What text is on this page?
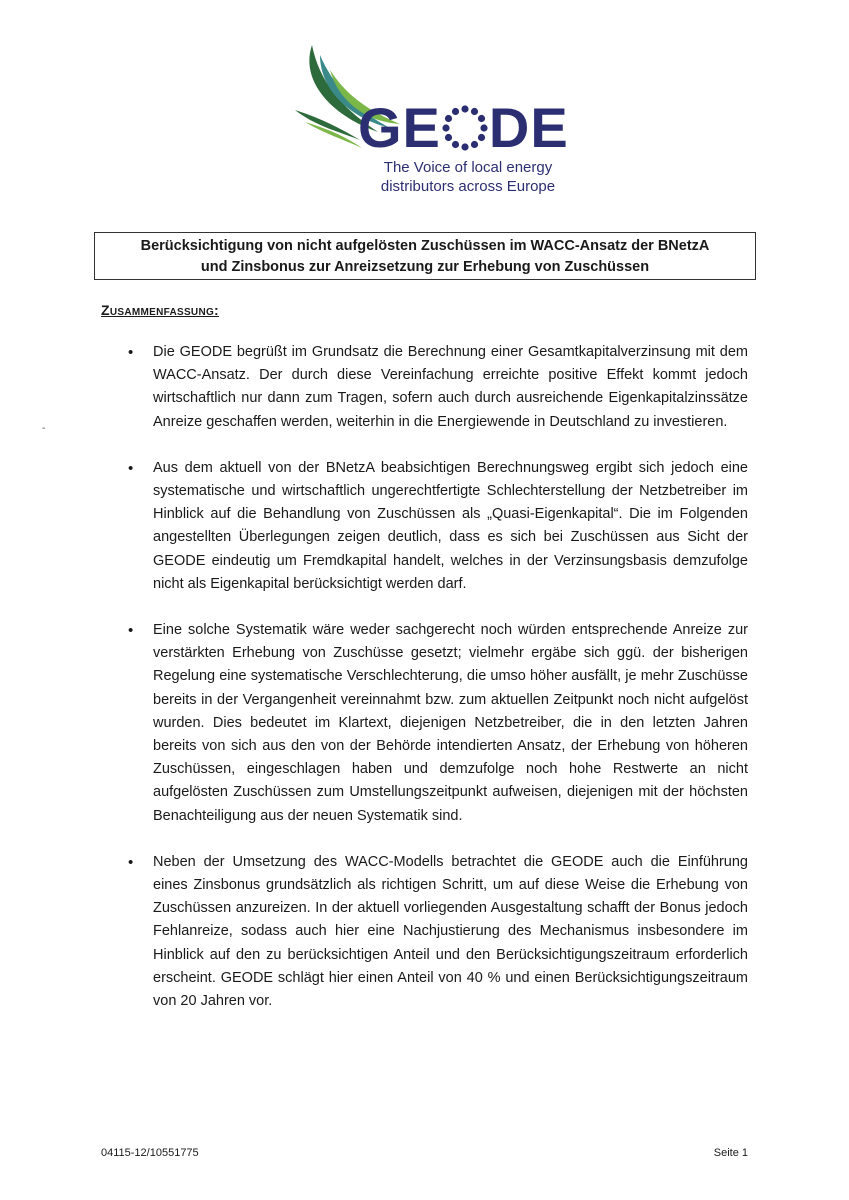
GE DE
The Voice of local energy
distributors across Europe
Berücksichtigung von nicht aufgelösten Zuschüssen im WACC-Ansatz der BNetzA
und Zinsbonus zur Anreizsetzung zur Erhebung von Zuschüssen
Zusammenfassung:
-
• Die GEODE begrüßt im Grundsatz die Berechnung einer Gesamtkapitalverzinsung mit dem WACC-Ansatz. Der durch diese Vereinfachung erreichte positive Effekt kommt jedoch wirtschaftlich nur dann zum Tragen, sofern auch durch ausreichende Eigenkapitalzinssätze Anreize geschaffen werden, weiterhin in die Energiewende in Deutschland zu investieren.
• Aus dem aktuell von der BNetzA beabsichtigen Berechnungsweg ergibt sich jedoch eine systematische und wirtschaftlich ungerechtfertigte Schlechterstellung der Netzbetreiber im Hinblick auf die Behandlung von Zuschüssen als „Quasi-Eigenkapital“. Die im Folgenden angestellten Überlegungen zeigen deutlich, dass es sich bei Zuschüssen aus Sicht der GEODE eindeutig um Fremdkapital handelt, welches in der Verzinsungsbasis demzufolge nicht als Eigenkapital berücksichtigt werden darf.
• Eine solche Systematik wäre weder sachgerecht noch würden entsprechende Anreize zur verstärkten Erhebung von Zuschüsse gesetzt; vielmehr ergäbe sich ggü. der bisherigen Regelung eine systematische Verschlechterung, die umso höher ausfällt, je mehr Zuschüsse bereits in der Vergangenheit vereinnahmt bzw. zum aktuellen Zeitpunkt noch nicht aufgelöst wurden. Dies bedeutet im Klartext, diejenigen Netzbetreiber, die in den letzten Jahren bereits von sich aus den von der Behörde intendierten Ansatz, der Erhebung von höheren Zuschüssen, eingeschlagen haben und demzufolge noch hohe Restwerte an nicht aufgelösten Zuschüssen zum Umstellungszeitpunkt aufweisen, diejenigen mit der höchsten Benachteiligung aus der neuen Systematik sind.
• Neben der Umsetzung des WACC-Modells betrachtet die GEODE auch die Einführung eines Zinsbonus grundsätzlich als richtigen Schritt, um auf diese Weise die Erhebung von Zuschüssen anzureizen. In der aktuell vorliegenden Ausgestaltung schafft der Bonus jedoch Fehlanreize, sodass auch hier eine Nachjustierung des Mechanismus insbesondere im Hinblick auf den zu berücksichtigen Anteil und den Berücksichtigungszeitraum erforderlich erscheint. GEODE schlägt hier einen Anteil von 40 % und einen Berücksichtigungszeitraum von 20 Jahren vor.
04115-12/10551775	Seite 1
